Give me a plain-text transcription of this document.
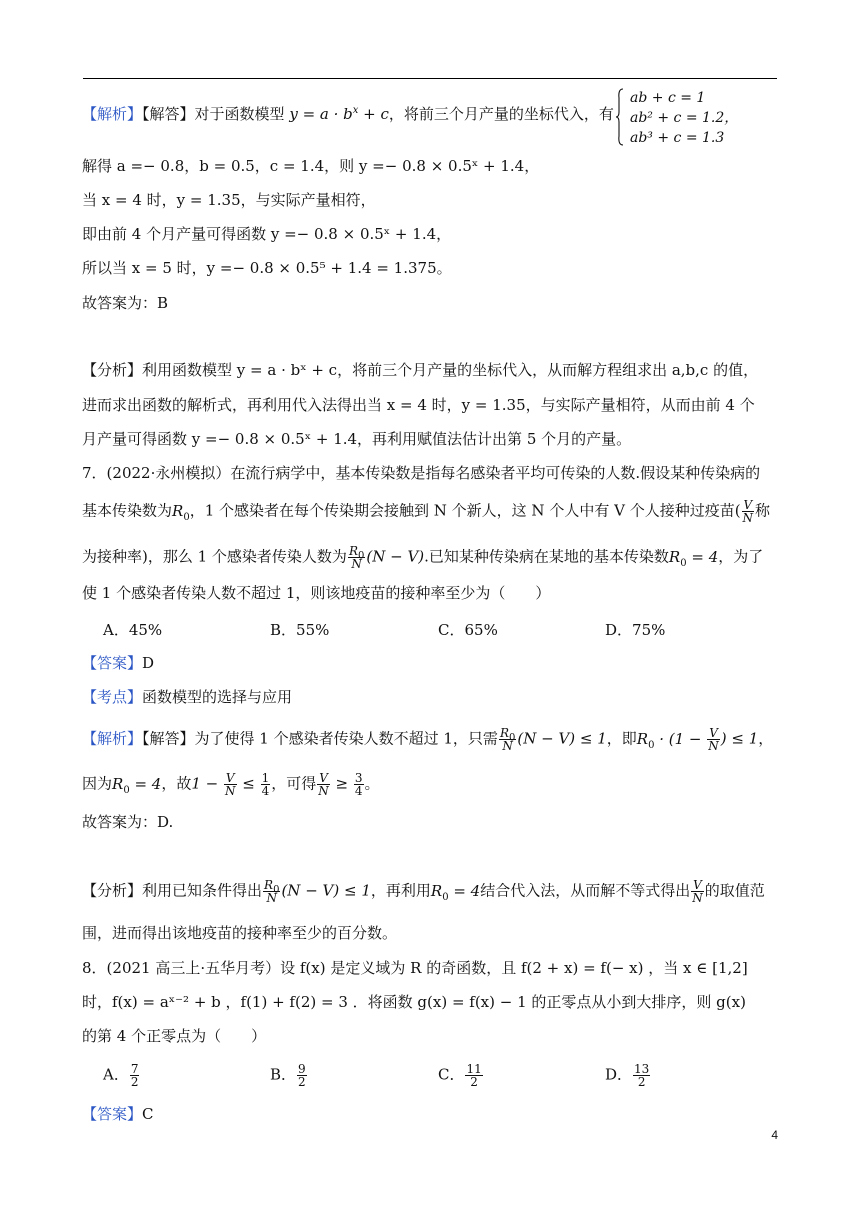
【解析】【解答】对于函数模型 $y = a \cdot b^x + c$，将前三个月产量的坐标代入，有
ab + c = 1
ab² + c = 1.2，
ab³ + c = 1.3
解得 a =− 0.8，b = 0.5，c = 1.4，则 y =− 0.8 × 0.5ˣ + 1.4，
当 x = 4 时，y = 1.35，与实际产量相符，
即由前 4 个月产量可得函数 y =− 0.8 × 0.5ˣ + 1.4，
所以当 x = 5 时，y =− 0.8 × 0.5⁵ + 1.4 = 1.375。
故答案为：B
【分析】利用函数模型 y = a · bˣ + c，将前三个月产量的坐标代入，从而解方程组求出 a,b,c 的值，
进而求出函数的解析式，再利用代入法得出当 x = 4 时，y = 1.35，与实际产量相符，从而由前 4 个
月产量可得函数 y =− 0.8 × 0.5ˣ + 1.4，再利用赋值法估计出第 5 个月的产量。
7．(2022·永州模拟）在流行病学中，基本传染数是指每名感染者平均可传染的人数.假设某种传染病的
基本传染数为$R_0$，1 个感染者在每个传染期会接触到 N 个新人，这 N 个人中有 V 个人接种过疫苗( $\frac{V}{N}$ 称
为接种率)，那么 1 个感染者传染人数为 $\frac{R_0}{N} (N - V)$.已知某种传染病在某地的基本传染数$R_0 = 4$，为了
使 1 个感染者传染人数不超过 1，则该地疫苗的接种率至少为（　　）
A．45%	B．55%	C．65%	D．75%
【答案】D
【考点】函数模型的选择与应用
【解析】【解答】为了使得 1 个感染者传染人数不超过 1，只需 $\frac{R_0}{N} (N - V) \le 1$，即$R_0 \cdot (1 - \frac{V}{N}$ ) ≤ 1，
因为$R_0 = 4$，故$1 - \frac{V}{N} \le \frac{1}{4}$ ，可得 $\frac{V}{N} \ge \frac{3}{4}$ 。
故答案为：D.
【分析】利用已知条件得出 $\frac{R_0}{N} (N - V) \le 1$，再利用$R_0 = 4$结合代入法，从而解不等式得出 $\frac{V}{N}$ 的取值范
围，进而得出该地疫苗的接种率至少的百分数。
8．(2021 高三上·五华月考）设 f(x) 是定义域为 R 的奇函数，且 f(2 + x) = f(− x) ，当 x ∈ [1,2]
时，f(x) = aˣ⁻² + b ，f(1) + f(2) = 3 ．将函数 g(x) = f(x) − 1 的正零点从小到大排序，则 g(x)
的第 4 个正零点为（　　）
A． $\frac{7}{2}$	B． $\frac{9}{2}$	C． $\frac{11}{2}$	D． $\frac{13}{2}$
【答案】C
4
